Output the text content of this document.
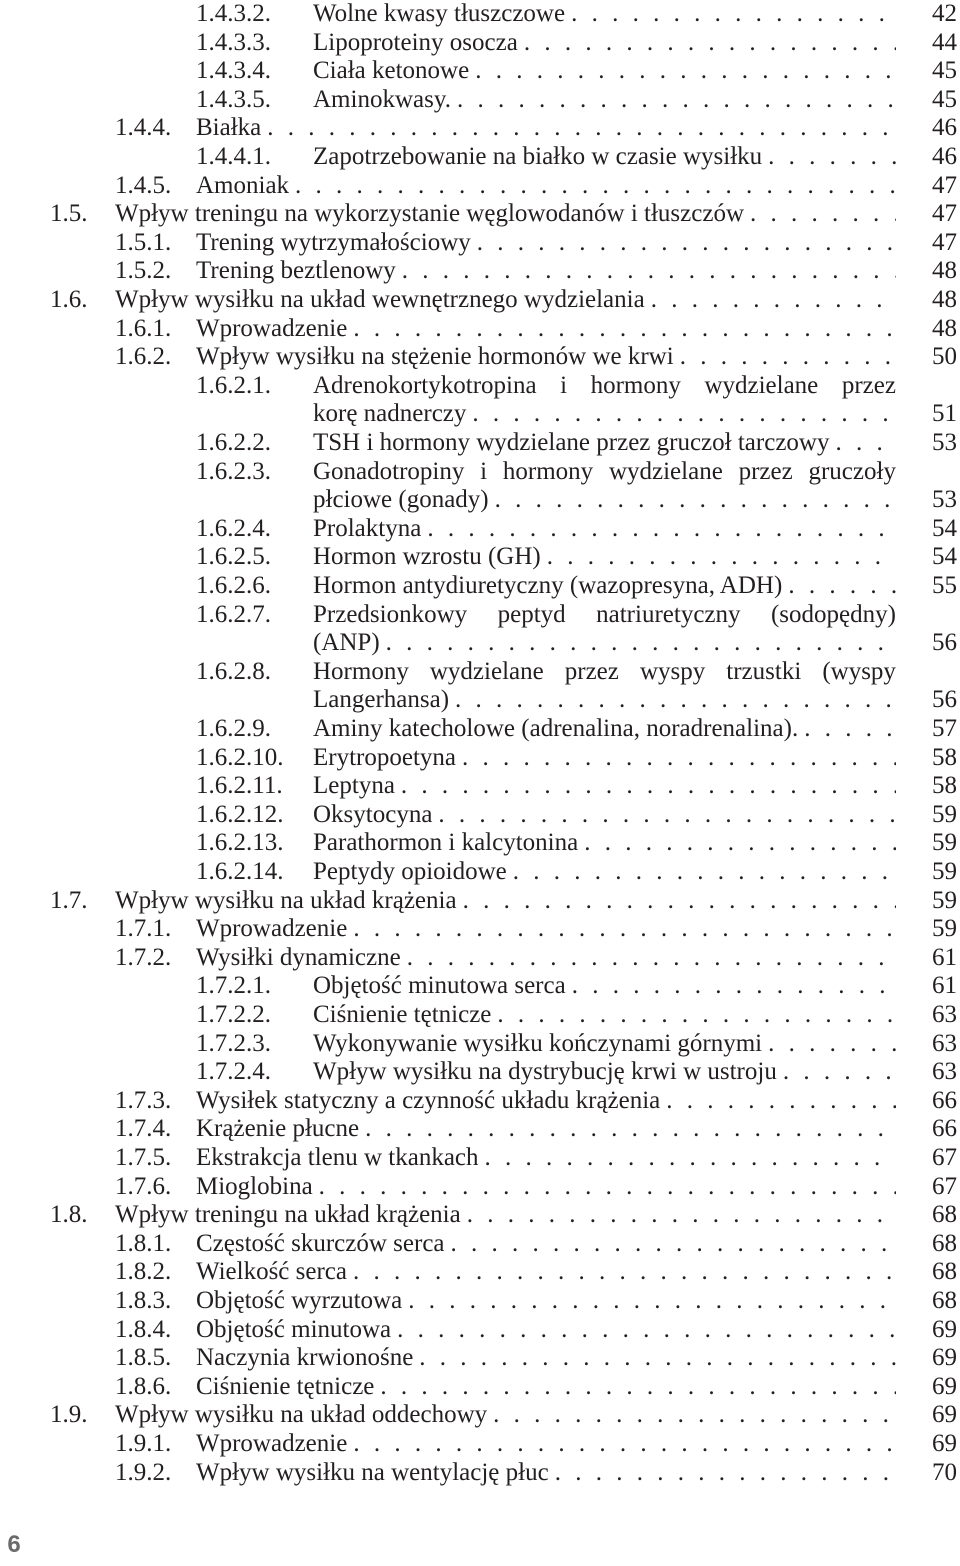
1.4.3.2. Wolne kwasy tłuszczowe . . .	42
1.4.3.3. Lipoproteiny osocza . . .	44
1.4.3.4. Ciała ketonowe . . .	45
1.4.3.5. Aminokwasy. . . .	45
1.4.4. Białka . . .	46
1.4.4.1. Zapotrzebowanie na białko w czasie wysiłku . . .	46
1.4.5. Amoniak . . .	47
1.5. Wpływ treningu na wykorzystanie węglowodanów i tłuszczów . . .	47
1.5.1. Trening wytrzymałościowy . . .	47
1.5.2. Trening beztlenowy . . .	48
1.6. Wpływ wysiłku na układ wewnętrznego wydzielania . . .	48
1.6.1. Wprowadzenie . . .	48
1.6.2. Wpływ wysiłku na stężenie hormonów we krwi . . .	50
1.6.2.1. Adrenokortykotropina i hormony wydzielane przez
korę nadnerczy . . .	51
1.6.2.2. TSH i hormony wydzielane przez gruczoł tarczowy . . .	53
1.6.2.3. Gonadotropiny i hormony wydzielane przez gruczoły
płciowe (gonady) . . .	53
1.6.2.4. Prolaktyna . . .	54
1.6.2.5. Hormon wzrostu (GH) . . .	54
1.6.2.6. Hormon antydiuretyczny (wazopresyna, ADH) . . .	55
1.6.2.7. Przedsionkowy peptyd natriuretyczny (sodopędny)
(ANP) . . .	56
1.6.2.8. Hormony wydzielane przez wyspy trzustki (wyspy
Langerhansa) . . .	56
1.6.2.9. Aminy katecholowe (adrenalina, noradrenalina). . . .	57
1.6.2.10. Erytropoetyna . . .	58
1.6.2.11. Leptyna . . .	58
1.6.2.12. Oksytocyna . . .	59
1.6.2.13. Parathormon i kalcytonina . . .	59
1.6.2.14. Peptydy opioidowe . . .	59
1.7. Wpływ wysiłku na układ krążenia . . .	59
1.7.1. Wprowadzenie . . .	59
1.7.2. Wysiłki dynamiczne . . .	61
1.7.2.1. Objętość minutowa serca . . .	61
1.7.2.2. Ciśnienie tętnicze . . .	63
1.7.2.3. Wykonywanie wysiłku kończynami górnymi . . .	63
1.7.2.4. Wpływ wysiłku na dystrybucję krwi w ustroju . . .	63
1.7.3. Wysiłek statyczny a czynność układu krążenia . . .	66
1.7.4. Krążenie płucne . . .	66
1.7.5. Ekstrakcja tlenu w tkankach . . .	67
1.7.6. Mioglobina . . .	67
1.8. Wpływ treningu na układ krążenia . . .	68
1.8.1. Częstość skurczów serca . . .	68
1.8.2. Wielkość serca . . .	68
1.8.3. Objętość wyrzutowa . . .	68
1.8.4. Objętość minutowa . . .	69
1.8.5. Naczynia krwionośne . . .	69
1.8.6. Ciśnienie tętnicze . . .	69
1.9. Wpływ wysiłku na układ oddechowy . . .	69
1.9.1. Wprowadzenie . . .	69
1.9.2. Wpływ wysiłku na wentylację płuc . . .	70
6
